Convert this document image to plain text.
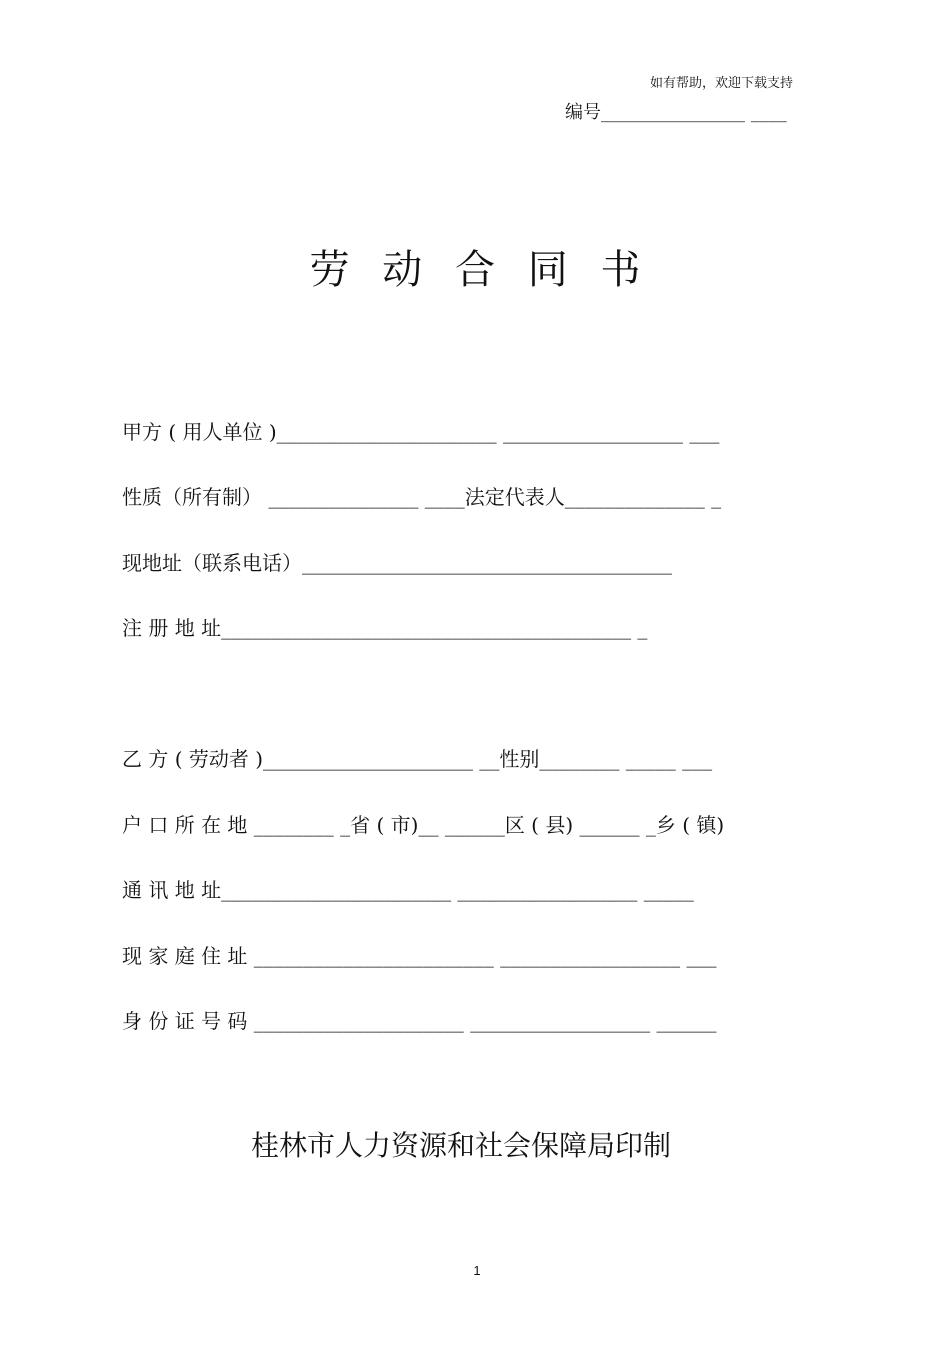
如有帮助，欢迎下载支持
编号________________ ____
劳 动 合 同 书
甲方 ( 用人单位 )______________________ __________________ ___
性质（所有制） _______________ ____法定代表人______________ _
现地址（联系电话）_____________________________________
注 册 地 址_________________________________________ _
乙 方 ( 劳动者 )_____________________ __性别________ _____ ___
户 口 所 在 地 ________ _省 ( 市)__ ______区 ( 县) ______ _乡 ( 镇)
通 讯 地 址_______________________ __________________ _____
现 家 庭 住 址 ________________________ __________________ ___
身 份 证 号 码 _____________________ __________________ ______
桂林市人力资源和社会保障局印制
1
